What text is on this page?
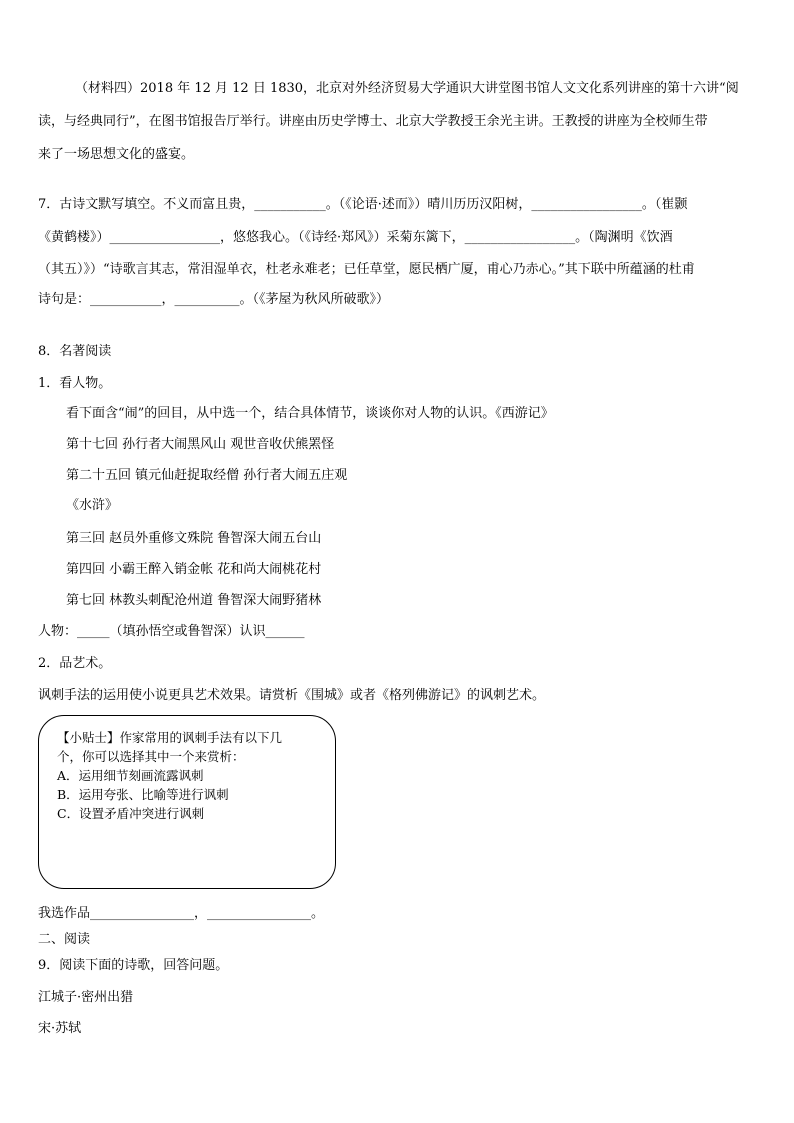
（材料四）2018 年 12 月 12 日 1830，北京对外经济贸易大学通识大讲堂图书馆人文文化系列讲座的第十六讲“阅
读，与经典同行”，在图书馆报告厅举行。讲座由历史学博士、北京大学教授王余光主讲。王教授的讲座为全校师生带
来了一场思想文化的盛宴。
7．古诗文默写填空。不义而富且贵，___________。（《论语·述而》）晴川历历汉阳树，_________________。（崔颢
《黄鹤楼》）_________________，悠悠我心。（《诗经·郑风》）采菊东篱下，_________________。（陶渊明《饮酒
（其五）》）“诗歌言其志，常泪湿单衣，杜老永难老；已任草堂，愿民栖广厦，甫心乃赤心。”其下联中所蕴涵的杜甫
诗句是：___________，__________。（《茅屋为秋风所破歌》）
8．名著阅读
1．看人物。
看下面含“闹”的回目，从中选一个，结合具体情节，谈谈你对人物的认识。《西游记》
第十七回 孙行者大闹黑风山 观世音收伏熊罴怪
第二十五回 镇元仙赶捉取经僧 孙行者大闹五庄观
《水浒》
第三回 赵员外重修文殊院 鲁智深大闹五台山
第四回 小霸王醉入销金帐 花和尚大闹桃花村
第七回 林教头刺配沧州道 鲁智深大闹野猪林
人物：_____（填孙悟空或鲁智深）认识______
2．品艺术。
讽刺手法的运用使小说更具艺术效果。请赏析《围城》或者《格列佛游记》的讽刺艺术。
【小贴士】作家常用的讽刺手法有以下几
个，你可以选择其中一个来赏析：
A．运用细节刻画流露讽刺
B．运用夸张、比喻等进行讽刺
C．设置矛盾冲突进行讽刺
我选作品________________，________________。
二、阅读
9．阅读下面的诗歌，回答问题。
江城子·密州出猎
宋·苏轼
